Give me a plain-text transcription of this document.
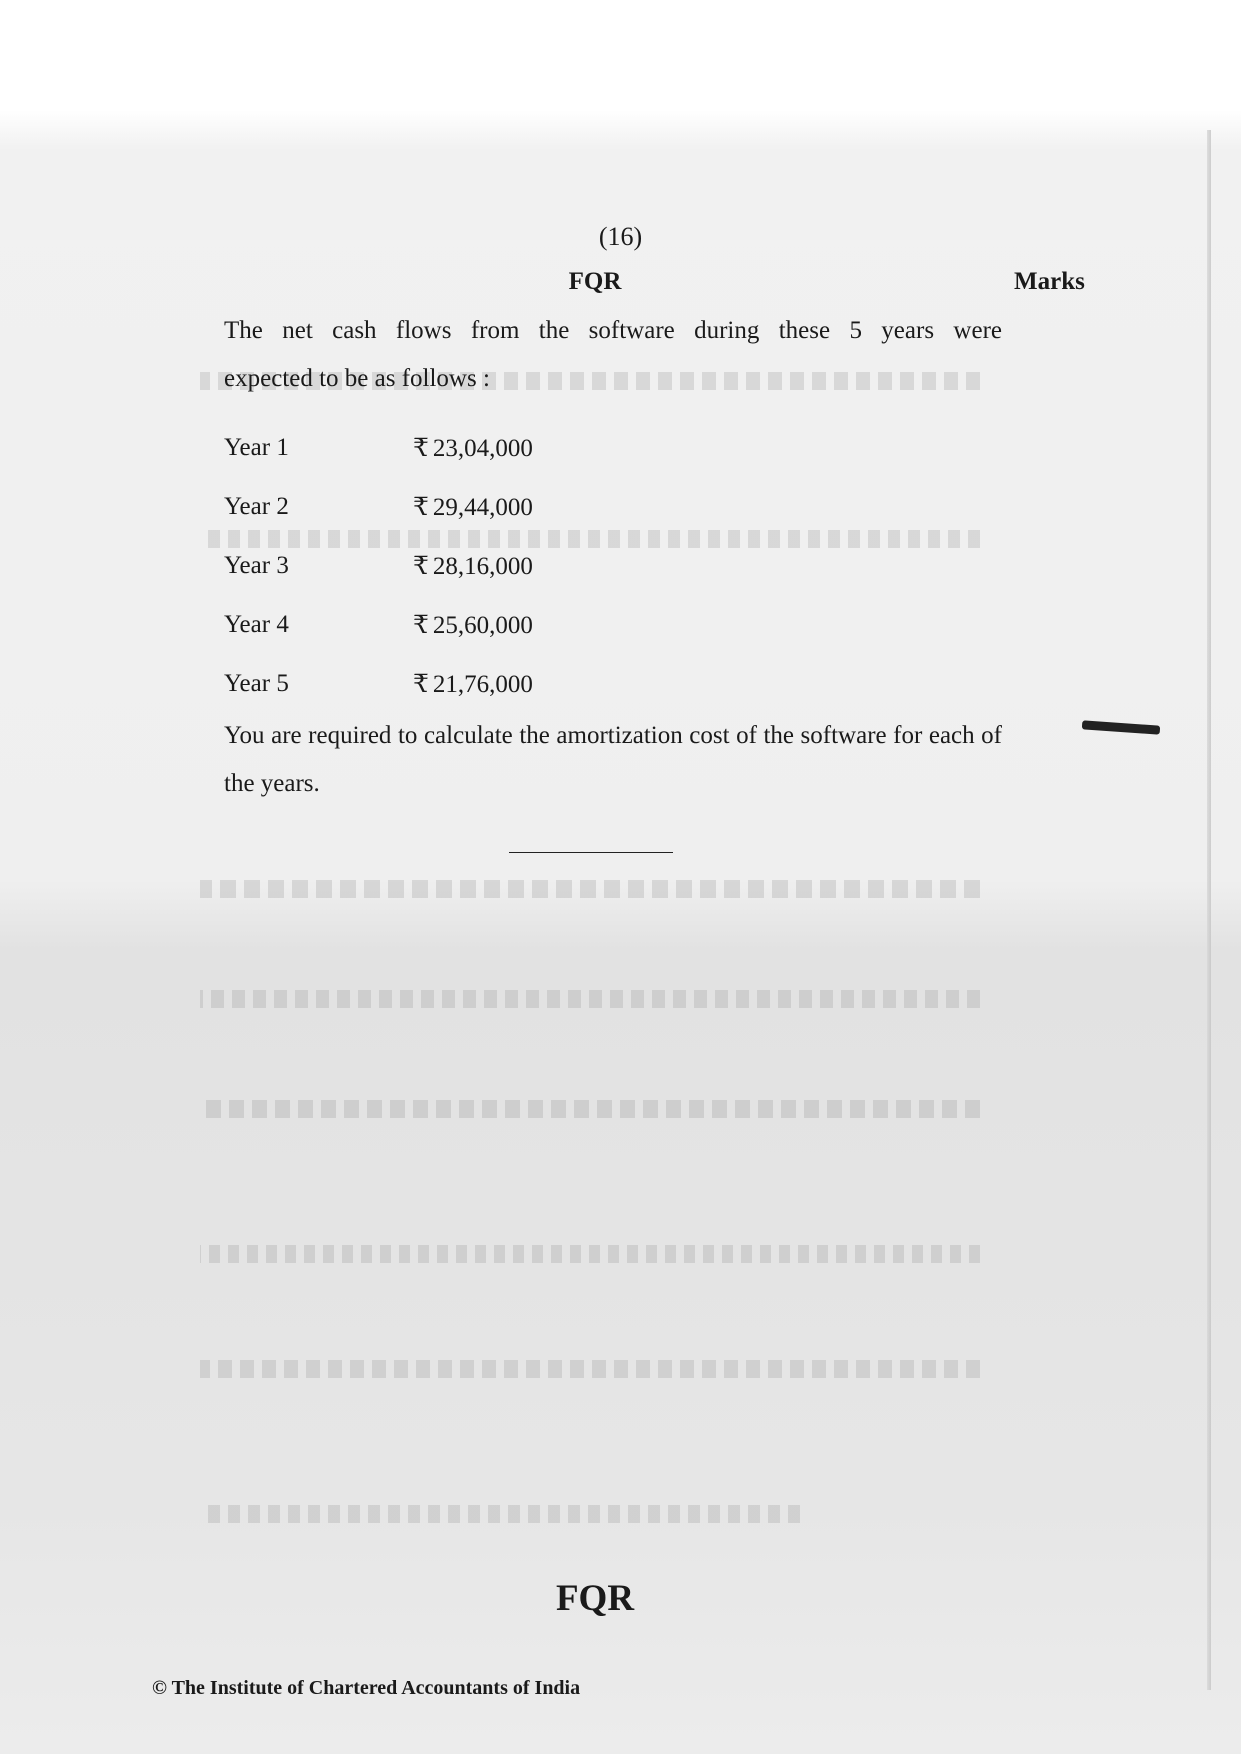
(16)
FQR	Marks
The net cash flows from the software during these 5 years were
expected to be as follows :
Year 1	₹ 23,04,000
Year 2	₹ 29,44,000
Year 3	₹ 28,16,000
Year 4	₹ 25,60,000
Year 5	₹ 21,76,000
You are required to calculate the amortization cost of the software for each of the years.
FQR
© The Institute of Chartered Accountants of India
